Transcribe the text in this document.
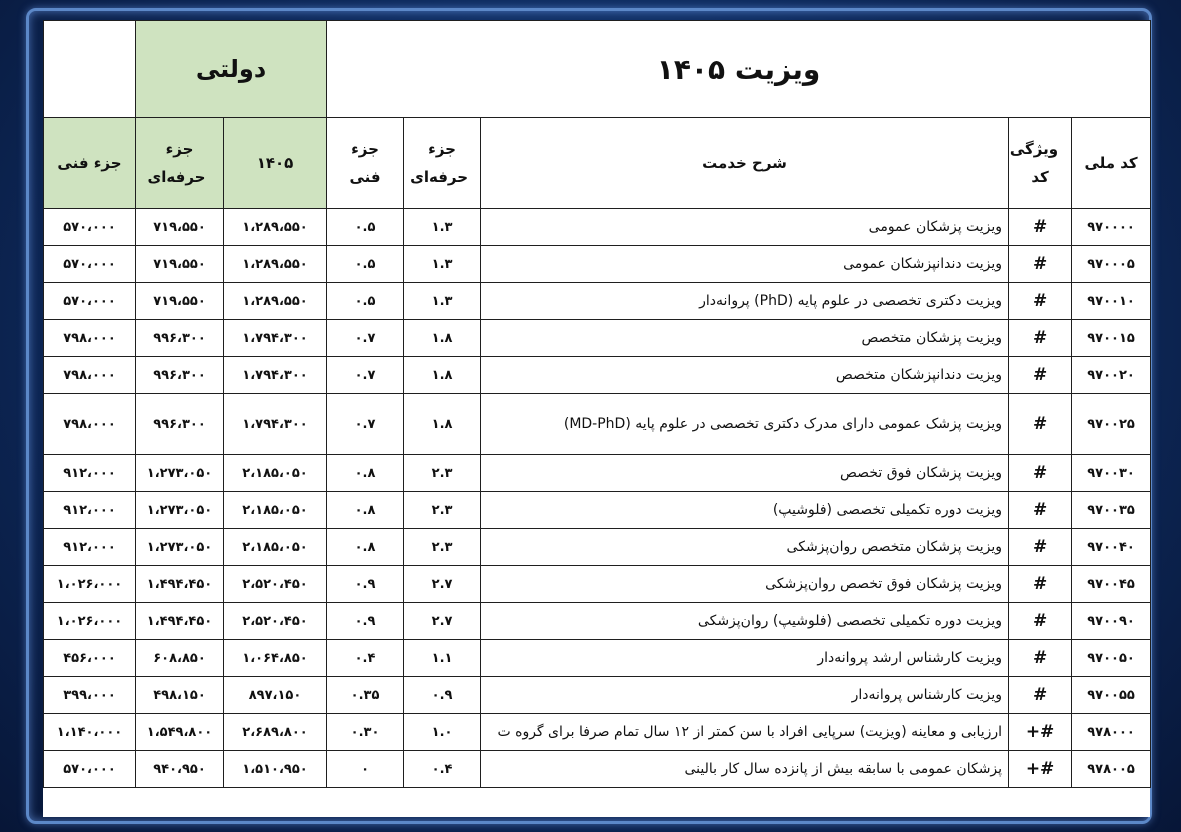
ویزیت ۱۴۰۵					دولتی		
کد ملی	ویژگی کد	شرح خدمت	جزء حرفه‌ای	جزء فنی	۱۴۰۵	جزء حرفه‌ای	جزء فنی
۹۷۰۰۰۰	#	ویزیت پزشکان عمومی	۱.۳	۰.۵	۱،۲۸۹،۵۵۰	۷۱۹،۵۵۰	۵۷۰،۰۰۰
۹۷۰۰۰۵	#	ویزیت دندانپزشکان عمومی	۱.۳	۰.۵	۱،۲۸۹،۵۵۰	۷۱۹،۵۵۰	۵۷۰،۰۰۰
۹۷۰۰۱۰	#	ویزیت دکتری تخصصی در علوم پایه (PhD) پروانه‌دار	۱.۳	۰.۵	۱،۲۸۹،۵۵۰	۷۱۹،۵۵۰	۵۷۰،۰۰۰
۹۷۰۰۱۵	#	ویزیت پزشکان متخصص	۱.۸	۰.۷	۱،۷۹۴،۳۰۰	۹۹۶،۳۰۰	۷۹۸،۰۰۰
۹۷۰۰۲۰	#	ویزیت دندانپزشکان متخصص	۱.۸	۰.۷	۱،۷۹۴،۳۰۰	۹۹۶،۳۰۰	۷۹۸،۰۰۰
۹۷۰۰۲۵	#	ویزیت پزشک عمومی دارای مدرک دکتری تخصصی در علوم پایه (MD-PhD)	۱.۸	۰.۷	۱،۷۹۴،۳۰۰	۹۹۶،۳۰۰	۷۹۸،۰۰۰
۹۷۰۰۳۰	#	ویزیت پزشکان فوق تخصص	۲.۳	۰.۸	۲،۱۸۵،۰۵۰	۱،۲۷۳،۰۵۰	۹۱۲،۰۰۰
۹۷۰۰۳۵	#	ویزیت دوره تکمیلی تخصصی (فلوشیپ)	۲.۳	۰.۸	۲،۱۸۵،۰۵۰	۱،۲۷۳،۰۵۰	۹۱۲،۰۰۰
۹۷۰۰۴۰	#	ویزیت پزشکان متخصص روان‌پزشکی	۲.۳	۰.۸	۲،۱۸۵،۰۵۰	۱،۲۷۳،۰۵۰	۹۱۲،۰۰۰
۹۷۰۰۴۵	#	ویزیت پزشکان فوق تخصص روان‌پزشکی	۲.۷	۰.۹	۲،۵۲۰،۴۵۰	۱،۴۹۴،۴۵۰	۱،۰۲۶،۰۰۰
۹۷۰۰۹۰	#	ویزیت دوره تکمیلی تخصصی (فلوشیپ) روان‌پزشکی	۲.۷	۰.۹	۲،۵۲۰،۴۵۰	۱،۴۹۴،۴۵۰	۱،۰۲۶،۰۰۰
۹۷۰۰۵۰	#	ویزیت کارشناس ارشد پروانه‌دار	۱.۱	۰.۴	۱،۰۶۴،۸۵۰	۶۰۸،۸۵۰	۴۵۶،۰۰۰
۹۷۰۰۵۵	#	ویزیت کارشناس پروانه‌دار	۰.۹	۰.۳۵	۸۹۷،۱۵۰	۴۹۸،۱۵۰	۳۹۹،۰۰۰
۹۷۸۰۰۰	#+	ارزیابی و معاینه (ویزیت) سرپایی افراد با سن کمتر از ۱۲ سال تمام صرفا برای گروه ت	۱.۰	۰.۳۰	۲،۶۸۹،۸۰۰	۱،۵۴۹،۸۰۰	۱،۱۴۰،۰۰۰
۹۷۸۰۰۵	#+	پزشکان عمومی با سابقه بیش از پانزده سال کار بالینی	۰.۴	۰	۱،۵۱۰،۹۵۰	۹۴۰،۹۵۰	۵۷۰،۰۰۰
